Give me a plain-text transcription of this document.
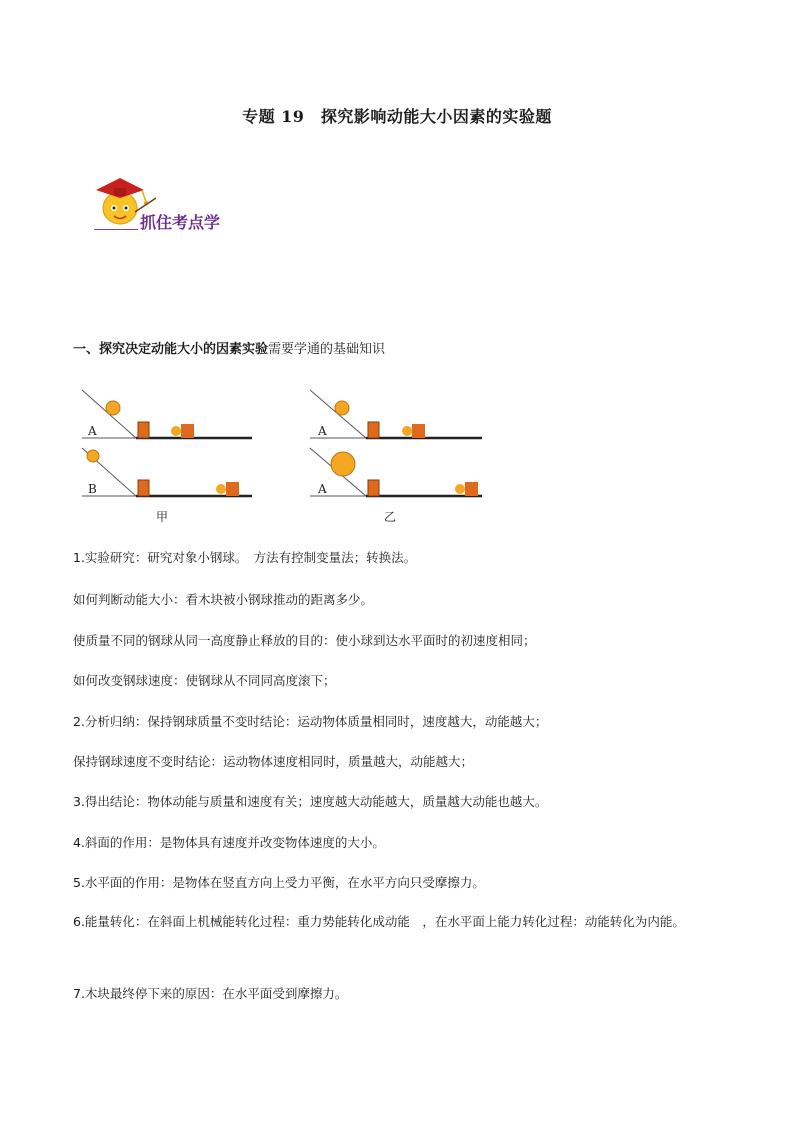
专题 19　探究影响动能大小因素的实验题
抓住考点学
一、探究决定动能大小的因素实验需要学通的基础知识
A	A
B	A
甲	乙
1.实验研究：研究对象小钢球。　方法有控制变量法；转换法。
如何判断动能大小：看木块被小钢球推动的距离多少。
使质量不同的钢球从同一高度静止释放的目的：使小球到达水平面时的初速度相同；
如何改变钢球速度：使钢球从不同同高度滚下；
2.分析归纳：保持钢球质量不变时结论：运动物体质量相同时，速度越大，动能越大；
保持钢球速度不变时结论：运动物体速度相同时，质量越大，动能越大；
3.得出结论：物体动能与质量和速度有关；速度越大动能越大，质量越大动能也越大。
4.斜面的作用：是物体具有速度并改变物体速度的大小。
5.水平面的作用：是物体在竖直方向上受力平衡，在水平方向只受摩擦力。
6.能量转化：在斜面上机械能转化过程：重力势能转化成动能　，在水平面上能力转化过程：动能转化为内能。
7.木块最终停下来的原因：在水平面受到摩擦力。
